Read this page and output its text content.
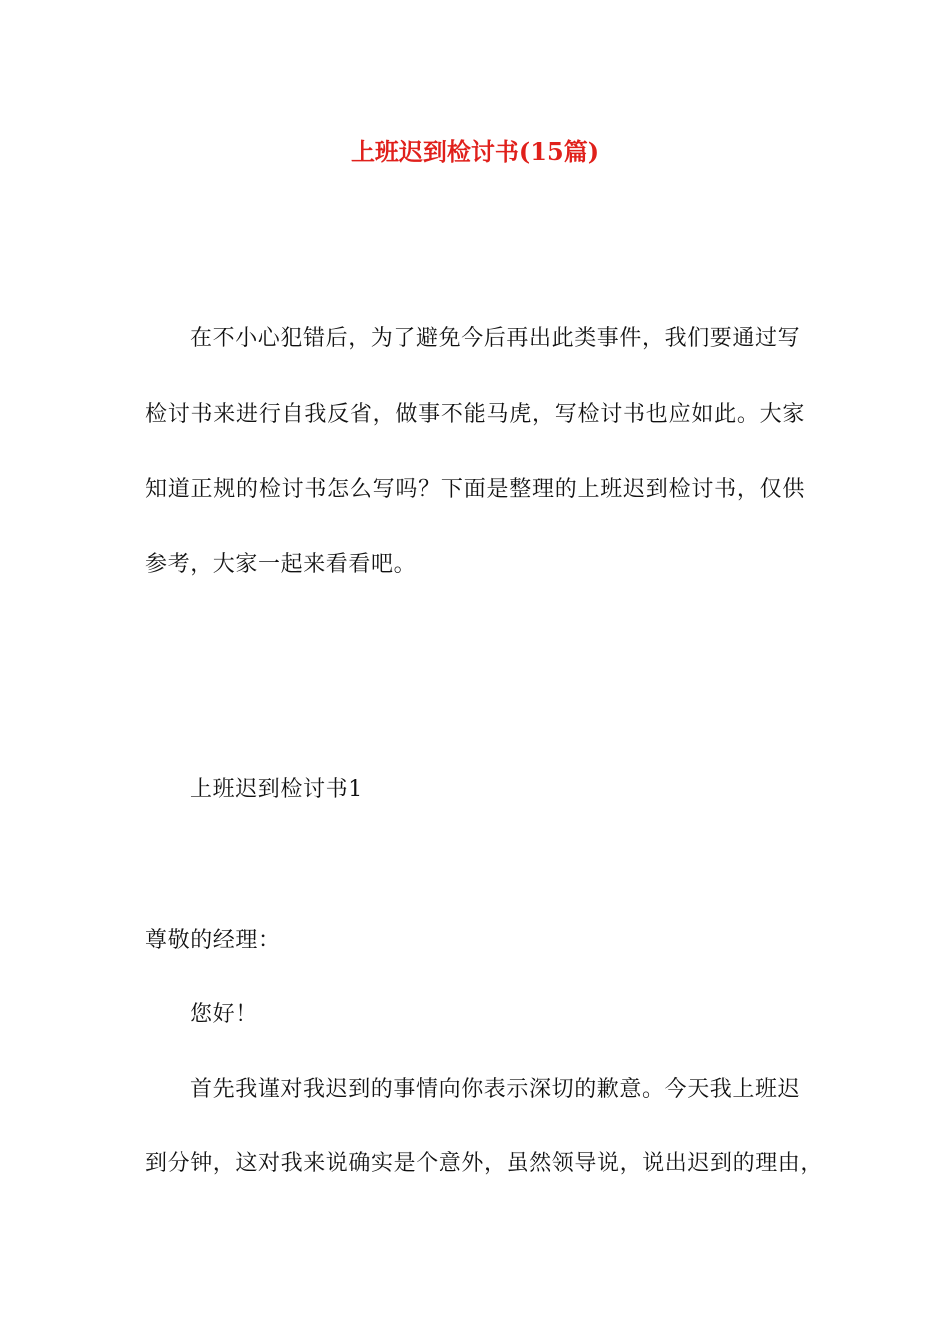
上班迟到检讨书(15篇)
在不小心犯错后，为了避免今后再出此类事件，我们要通过写
检讨书来进行自我反省，做事不能马虎，写检讨书也应如此。大家
知道正规的检讨书怎么写吗？下面是整理的上班迟到检讨书，仅供
参考，大家一起来看看吧。
上班迟到检讨书1
尊敬的经理：
您好！
首先我谨对我迟到的事情向你表示深切的歉意。今天我上班迟
到分钟，这对我来说确实是个意外，虽然领导说，说出迟到的理由，
